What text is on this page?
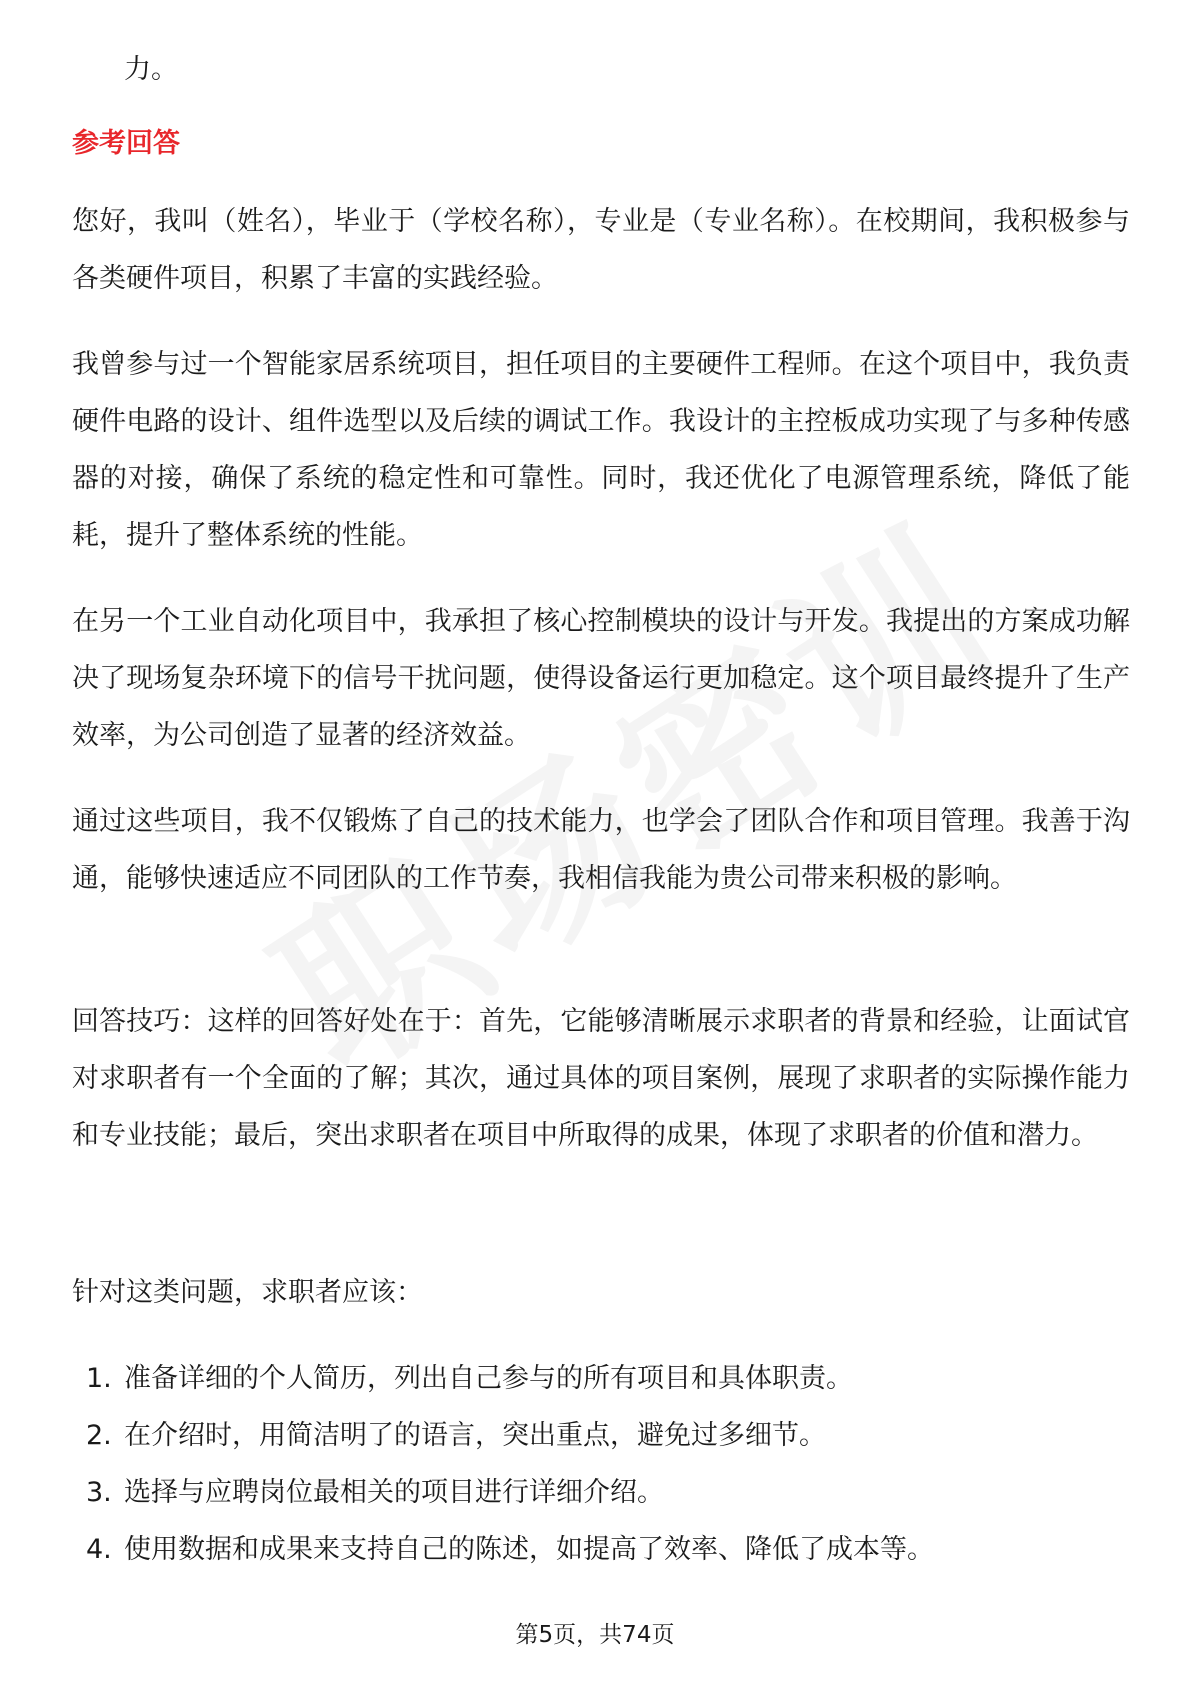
力。
参考回答

您好，我叫（姓名），毕业于（学校名称），专业是（专业名称）。在校期间，我积极参与各类硬件项目，积累了丰富的实践经验。

我曾参与过一个智能家居系统项目，担任项目的主要硬件工程师。在这个项目中，我负责硬件电路的设计、组件选型以及后续的调试工作。我设计的主控板成功实现了与多种传感器的对接，确保了系统的稳定性和可靠性。同时，我还优化了电源管理系统，降低了能耗，提升了整体系统的性能。

在另一个工业自动化项目中，我承担了核心控制模块的设计与开发。我提出的方案成功解决了现场复杂环境下的信号干扰问题，使得设备运行更加稳定。这个项目最终提升了生产效率，为公司创造了显著的经济效益。

通过这些项目，我不仅锻炼了自己的技术能力，也学会了团队合作和项目管理。我善于沟通，能够快速适应不同团队的工作节奏，我相信我能为贵公司带来积极的影响。

回答技巧：这样的回答好处在于：首先，它能够清晰展示求职者的背景和经验，让面试官对求职者有一个全面的了解；其次，通过具体的项目案例，展现了求职者的实际操作能力和专业技能；最后，突出求职者在项目中所取得的成果，体现了求职者的价值和潜力。

针对这类问题，求职者应该：

1. 准备详细的个人简历，列出自己参与的所有项目和具体职责。
2. 在介绍时，用简洁明了的语言，突出重点，避免过多细节。
3. 选择与应聘岗位最相关的项目进行详细介绍。
4. 使用数据和成果来支持自己的陈述，如提高了效率、降低了成本等。
第5页，共74页
